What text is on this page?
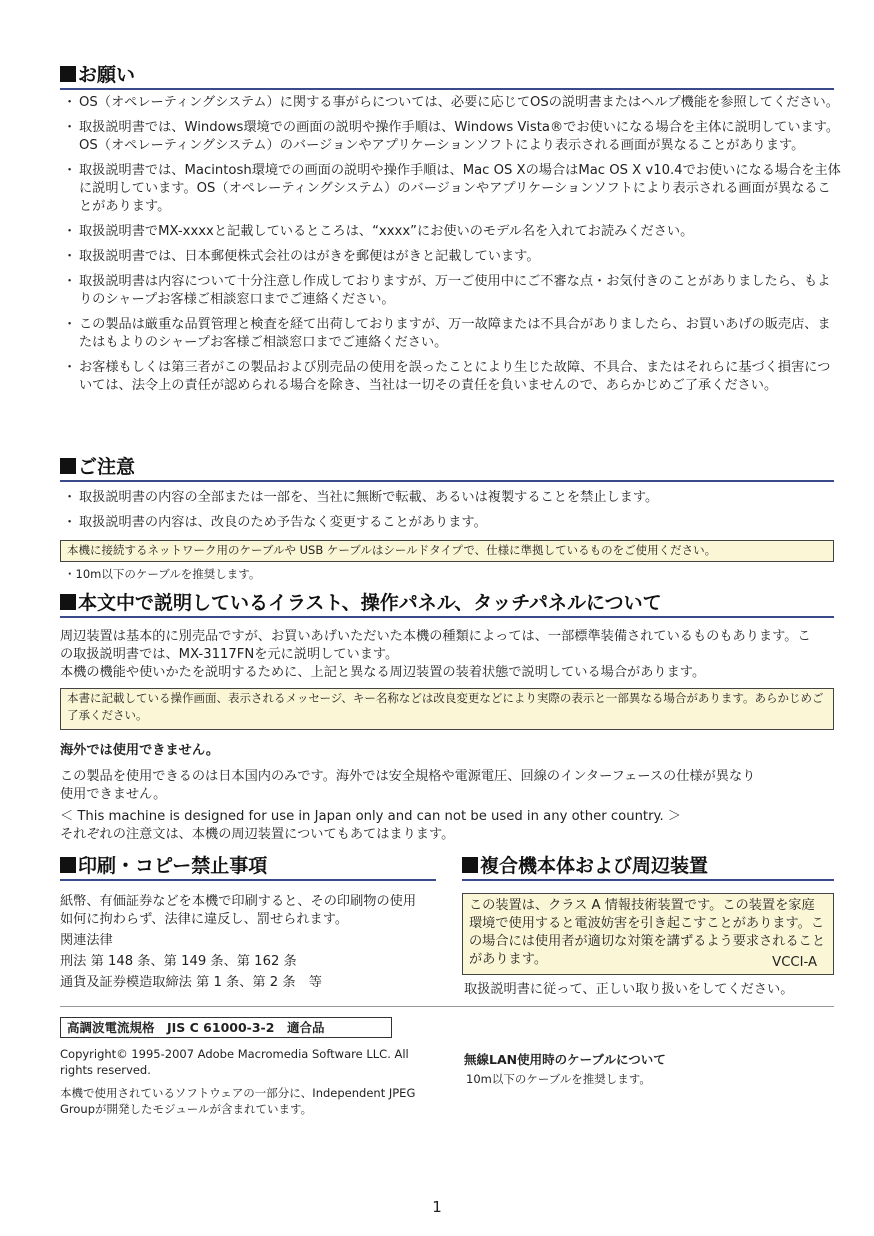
お願い
・ OS（オペレーティングシステム）に関する事がらについては、必要に応じてOSの説明書またはヘルプ機能を参照してください。
・ 取扱説明書では、Windows環境での画面の説明や操作手順は、Windows Vista®でお使いになる場合を主体に説明しています。OS（オペレーティングシステム）のバージョンやアプリケーションソフトにより表示される画面が異なることがあります。
・ 取扱説明書では、Macintosh環境での画面の説明や操作手順は、Mac OS Xの場合はMac OS X v10.4でお使いになる場合を主体に説明しています。OS（オペレーティングシステム）のバージョンやアプリケーションソフトにより表示される画面が異なることがあります。
・ 取扱説明書でMX-xxxxと記載しているところは、“xxxx”にお使いのモデル名を入れてお読みください。
・ 取扱説明書では、日本郵便株式会社のはがきを郵便はがきと記載しています。
・ 取扱説明書は内容について十分注意し作成しておりますが、万一ご使用中にご不審な点・お気付きのことがありましたら、もよりのシャープお客様ご相談窓口までご連絡ください。
・ この製品は厳重な品質管理と検査を経て出荷しておりますが、万一故障または不具合がありましたら、お買いあげの販売店、またはもよりのシャープお客様ご相談窓口までご連絡ください。
・ お客様もしくは第三者がこの製品および別売品の使用を誤ったことにより生じた故障、不具合、またはそれらに基づく損害については、法令上の責任が認められる場合を除き、当社は一切その責任を負いませんので、あらかじめご了承ください。
ご注意
・ 取扱説明書の内容の全部または一部を、当社に無断で転載、あるいは複製することを禁止します。
・ 取扱説明書の内容は、改良のため予告なく変更することがあります。
本機に接続するネットワーク用のケーブルや USB ケーブルはシールドタイプで、仕様に準拠しているものをご使用ください。
・10m以下のケーブルを推奨します。
本文中で説明しているイラスト、操作パネル、タッチパネルについて
周辺装置は基本的に別売品ですが、お買いあげいただいた本機の種類によっては、一部標準装備されているものもあります。この取扱説明書では、MX-3117FNを元に説明しています。
本機の機能や使いかたを説明するために、上記と異なる周辺装置の装着状態で説明している場合があります。
本書に記載している操作画面、表示されるメッセージ、キー名称などは改良変更などにより実際の表示と一部異なる場合があります。あらかじめご了承ください。
海外では使用できません。
この製品を使用できるのは日本国内のみです。海外では安全規格や電源電圧、回線のインターフェースの仕様が異なり使用できません。
＜ This machine is designed for use in Japan only and can not be used in any other country. ＞
それぞれの注意文は、本機の周辺装置についてもあてはまります。
印刷・コピー禁止事項
紙幣、有価証券などを本機で印刷すると、その印刷物の使用如何に拘わらず、法律に違反し、罰せられます。
関連法律
刑法 第 148 条、第 149 条、第 162 条
通貨及証券模造取締法 第 1 条、第 2 条　等
複合機本体および周辺装置
この装置は、クラス A 情報技術装置です。この装置を家庭環境で使用すると電波妨害を引き起こすことがあります。この場合には使用者が適切な対策を講ずるよう要求されることがあります。	VCCI-A
取扱説明書に従って、正しい取り扱いをしてください。
高調波電流規格　JIS C 61000-3-2　適合品
Copyright© 1995-2007 Adobe Macromedia Software LLC. All rights reserved.
本機で使用されているソフトウェアの一部分に、Independent JPEG Groupが開発したモジュールが含まれています。
無線LAN使用時のケーブルについて
10m以下のケーブルを推奨します。
1
